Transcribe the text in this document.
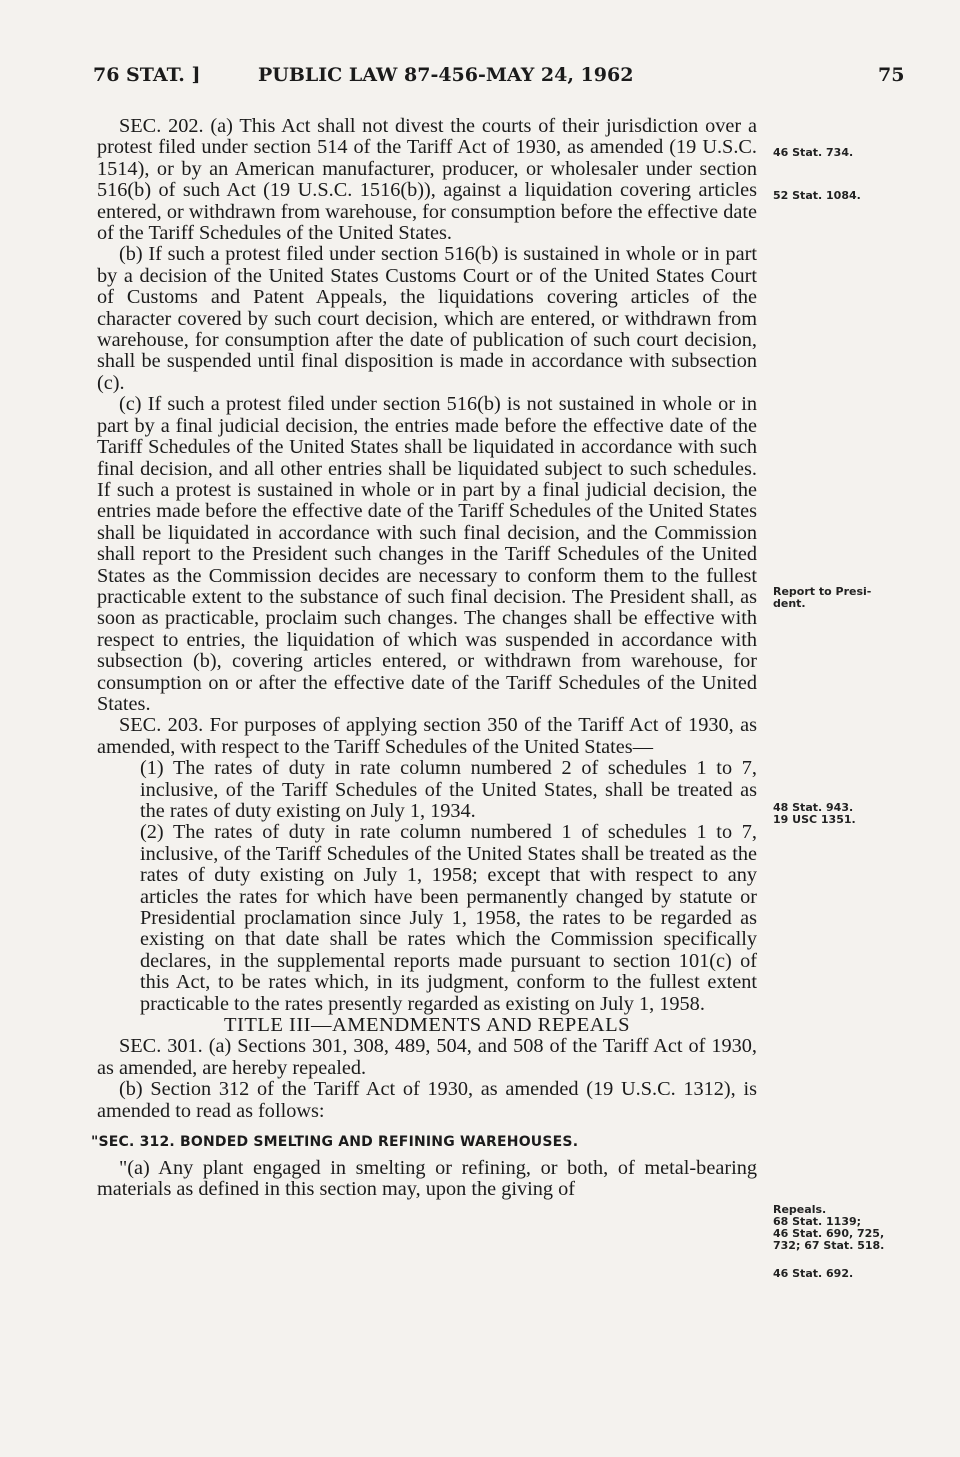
76 STAT. ]	PUBLIC LAW 87-456-MAY 24, 1962	75

SEC. 202. (a) This Act shall not divest the courts of their jurisdiction over a protest filed under section 514 of the Tariff Act of 1930, as amended (19 U.S.C. 1514), or by an American manufacturer, producer, or wholesaler under section 516(b) of such Act (19 U.S.C. 1516(b)), against a liquidation covering articles entered, or withdrawn from warehouse, for consumption before the effective date of the Tariff Schedules of the United States.

(b) If such a protest filed under section 516(b) is sustained in whole or in part by a decision of the United States Customs Court or of the United States Court of Customs and Patent Appeals, the liquidations covering articles of the character covered by such court decision, which are entered, or withdrawn from warehouse, for consumption after the date of publication of such court decision, shall be suspended until final disposition is made in accordance with subsection (c).

(c) If such a protest filed under section 516(b) is not sustained in whole or in part by a final judicial decision, the entries made before the effective date of the Tariff Schedules of the United States shall be liquidated in accordance with such final decision, and all other entries shall be liquidated subject to such schedules. If such a protest is sustained in whole or in part by a final judicial decision, the entries made before the effective date of the Tariff Schedules of the United States shall be liquidated in accordance with such final decision, and the Commission shall report to the President such changes in the Tariff Schedules of the United States as the Commission decides are necessary to conform them to the fullest practicable extent to the substance of such final decision. The President shall, as soon as practicable, proclaim such changes. The changes shall be effective with respect to entries, the liquidation of which was suspended in accordance with subsection (b), covering articles entered, or withdrawn from warehouse, for consumption on or after the effective date of the Tariff Schedules of the United States.

SEC. 203. For purposes of applying section 350 of the Tariff Act of 1930, as amended, with respect to the Tariff Schedules of the United States—

(1) The rates of duty in rate column numbered 2 of schedules 1 to 7, inclusive, of the Tariff Schedules of the United States, shall be treated as the rates of duty existing on July 1, 1934.

(2) The rates of duty in rate column numbered 1 of schedules 1 to 7, inclusive, of the Tariff Schedules of the United States shall be treated as the rates of duty existing on July 1, 1958; except that with respect to any articles the rates for which have been permanently changed by statute or Presidential proclamation since July 1, 1958, the rates to be regarded as existing on that date shall be rates which the Commission specifically declares, in the supplemental reports made pursuant to section 101(c) of this Act, to be rates which, in its judgment, conform to the fullest extent practicable to the rates presently regarded as existing on July 1, 1958.

TITLE III—AMENDMENTS AND REPEALS

SEC. 301. (a) Sections 301, 308, 489, 504, and 508 of the Tariff Act of 1930, as amended, are hereby repealed.

(b) Section 312 of the Tariff Act of 1930, as amended (19 U.S.C. 1312), is amended to read as follows:

"SEC. 312. BONDED SMELTING AND REFINING WAREHOUSES.

"(a) Any plant engaged in smelting or refining, or both, of metal-bearing materials as defined in this section may, upon the giving of

46 Stat. 734.
52 Stat. 1084.
Report to Presi-
dent.
48 Stat. 943.
19 USC 1351.
Repeals.
68 Stat. 1139;
46 Stat. 690, 725,
732; 67 Stat. 518.
46 Stat. 692.
